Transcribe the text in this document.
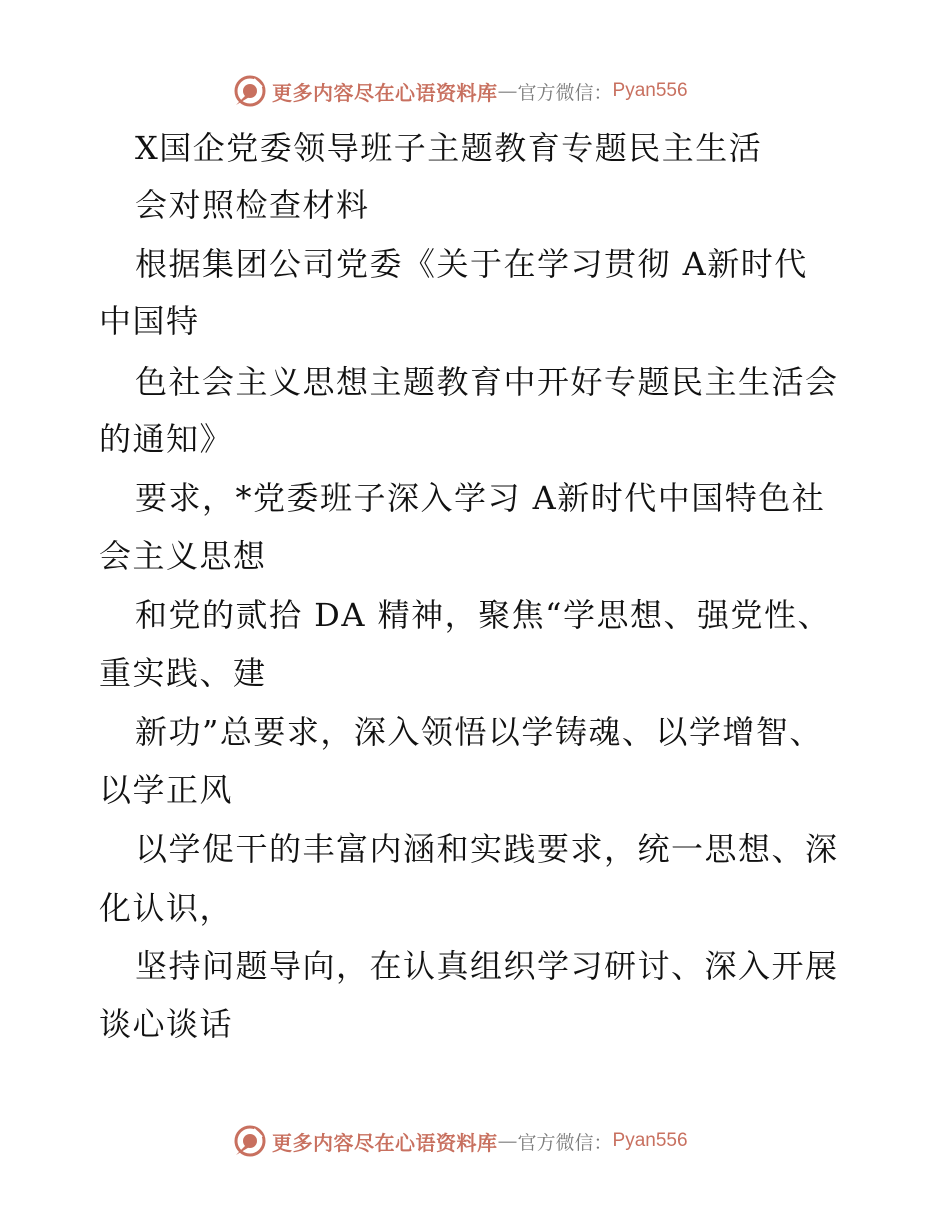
更多内容尽在心语资料库 — 官方微信： Pyan556
X国企党委领导班子主题教育专题民主生活
会对照检查材料
根据集团公司党委《关于在学习贯彻 A新时代
中国特
色社会主义思想主题教育中开好专题民主生活会
的通知》
要求，*党委班子深入学习 A新时代中国特色社
会主义思想
和党的贰拾 DA 精神，聚焦“学思想、强党性、
重实践、建
新功”总要求，深入领悟以学铸魂、以学增智、
以学正风
以学促干的丰富内涵和实践要求，统一思想、深
化认识，
坚持问题导向，在认真组织学习研讨、深入开展
谈心谈话
更多内容尽在心语资料库 — 官方微信： Pyan556
